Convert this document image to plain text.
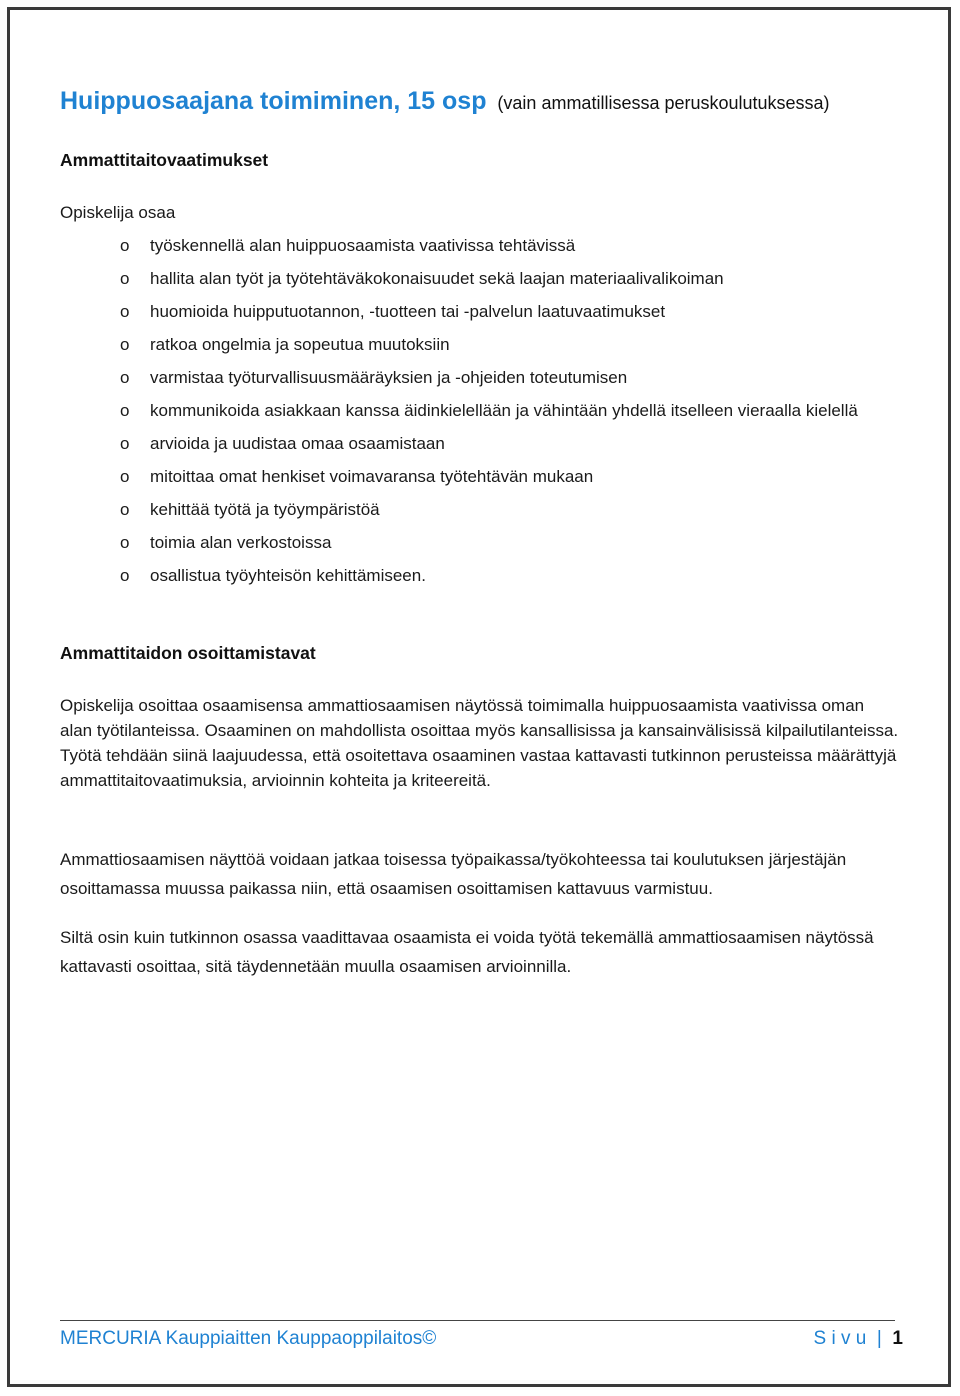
Huippuosaajana toimiminen, 15 osp (vain ammatillisessa peruskoulutuksessa)
Ammattitaitovaatimukset
Opiskelija osaa
o työskennellä alan huippuosaamista vaativissa tehtävissä
o hallita alan työt ja työtehtäväkokonaisuudet sekä laajan materiaalivalikoiman
o huomioida huipputuotannon, -tuotteen tai -palvelun laatuvaatimukset
o ratkoa ongelmia ja sopeutua muutoksiin
o varmistaa työturvallisuusmääräyksien ja -ohjeiden toteutumisen
o kommunikoida asiakkaan kanssa äidinkielellään ja vähintään yhdellä itselleen vieraalla kielellä
o arvioida ja uudistaa omaa osaamistaan
o mitoittaa omat henkiset voimavaransa työtehtävän mukaan
o kehittää työtä ja työympäristöä
o toimia alan verkostoissa
o osallistua työyhteisön kehittämiseen.
Ammattitaidon osoittamistavat
Opiskelija osoittaa osaamisensa ammattiosaamisen näytössä toimimalla huippuosaamista vaativissa oman alan työtilanteissa. Osaaminen on mahdollista osoittaa myös kansallisissa ja kansainvälisissä kilpailutilanteissa. Työtä tehdään siinä laajuudessa, että osoitettava osaaminen vastaa kattavasti tutkinnon perusteissa määrättyjä ammattitaitovaatimuksia, arvioinnin kohteita ja kriteereitä.
Ammattiosaamisen näyttöä voidaan jatkaa toisessa työpaikassa/työkohteessa tai koulutuksen järjestäjän osoittamassa muussa paikassa niin, että osaamisen osoittamisen kattavuus varmistuu.
Siltä osin kuin tutkinnon osassa vaadittavaa osaamista ei voida työtä tekemällä ammattiosaamisen näytössä kattavasti osoittaa, sitä täydennetään muulla osaamisen arvioinnilla.
MERCURIA Kauppiaitten Kauppaoppilaitos©	S i v u | 1
